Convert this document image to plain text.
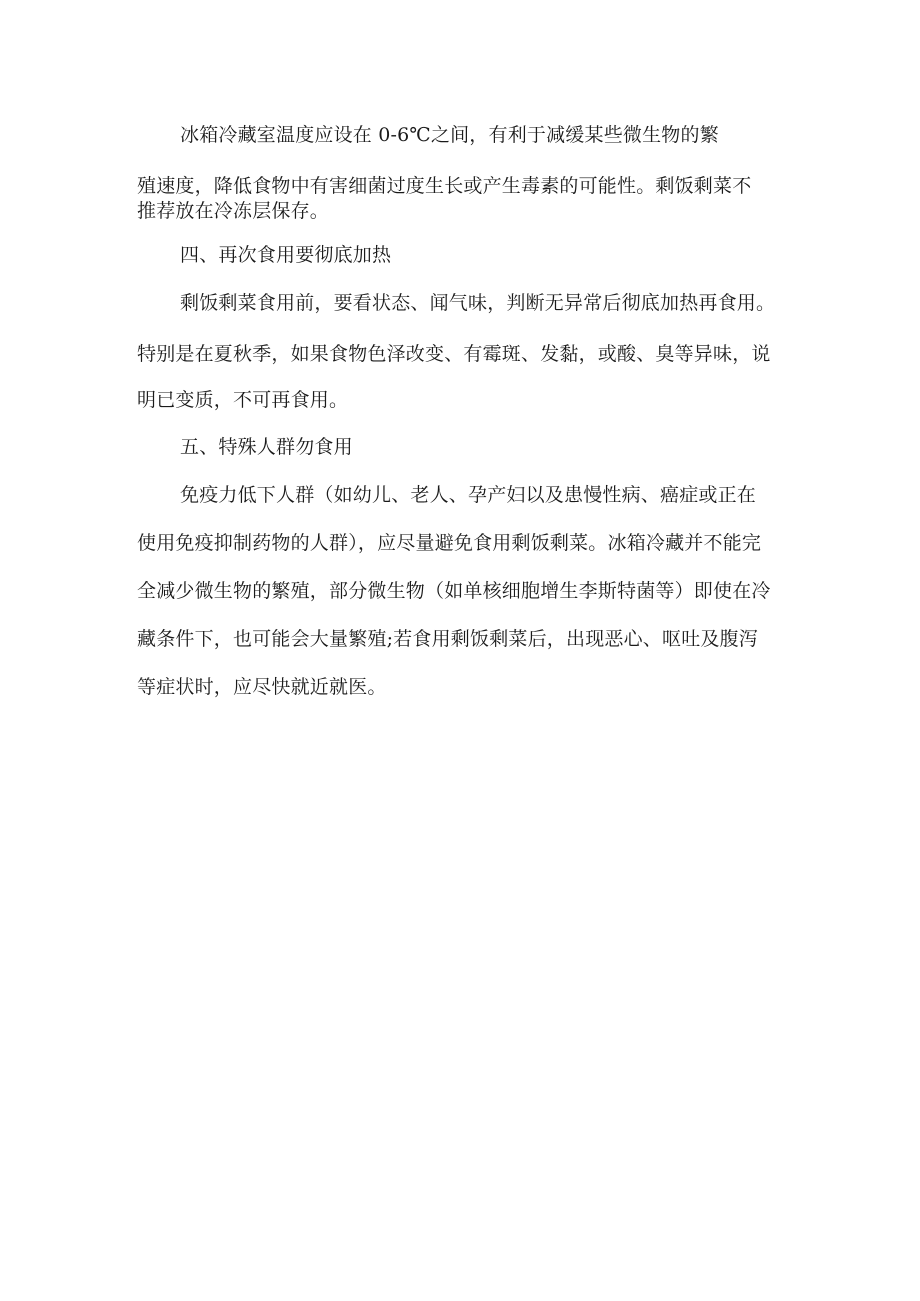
冰箱冷藏室温度应设在 0-6℃之间，有利于减缓某些微生物的繁
殖速度，降低食物中有害细菌过度生长或产生毒素的可能性。剩饭剩菜不
推荐放在冷冻层保存。
四、再次食用要彻底加热
剩饭剩菜食用前，要看状态、闻气味，判断无异常后彻底加热再食用。
特别是在夏秋季，如果食物色泽改变、有霉斑、发黏，或酸、臭等异味，说
明已变质，不可再食用。
五、特殊人群勿食用
免疫力低下人群（如幼儿、老人、孕产妇以及患慢性病、癌症或正在
使用免疫抑制药物的人群），应尽量避免食用剩饭剩菜。冰箱冷藏并不能完
全减少微生物的繁殖，部分微生物（如单核细胞增生李斯特菌等）即使在冷
藏条件下，也可能会大量繁殖;若食用剩饭剩菜后，出现恶心、呕吐及腹泻
等症状时，应尽快就近就医。
